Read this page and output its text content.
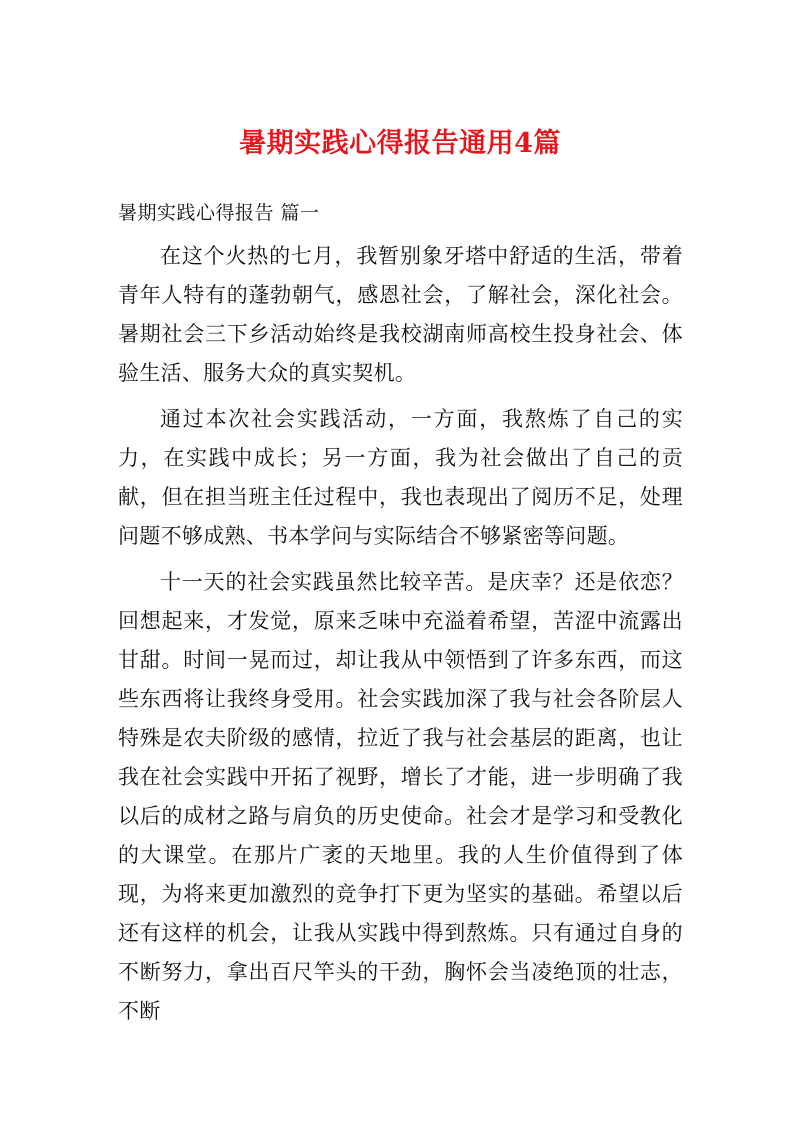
暑期实践心得报告通用4篇
暑期实践心得报告 篇一

在这个火热的七月，我暂别象牙塔中舒适的生活，带着青年人特有的蓬勃朝气，感恩社会，了解社会，深化社会。暑期社会三下乡活动始终是我校湖南师高校生投身社会、体验生活、服务大众的真实契机。

通过本次社会实践活动，一方面，我熬炼了自己的实力，在实践中成长；另一方面，我为社会做出了自己的贡献，但在担当班主任过程中，我也表现出了阅历不足，处理问题不够成熟、书本学问与实际结合不够紧密等问题。

十一天的社会实践虽然比较辛苦。是庆幸？还是依恋？回想起来，才发觉，原来乏味中充溢着希望，苦涩中流露出甘甜。时间一晃而过，却让我从中领悟到了许多东西，而这些东西将让我终身受用。社会实践加深了我与社会各阶层人特殊是农夫阶级的感情，拉近了我与社会基层的距离，也让我在社会实践中开拓了视野，增长了才能，进一步明确了我以后的成材之路与肩负的历史使命。社会才是学习和受教化的大课堂。在那片广袤的天地里。我的人生价值得到了体现，为将来更加激烈的竞争打下更为坚实的基础。希望以后还有这样的机会，让我从实践中得到熬炼。只有通过自身的不断努力，拿出百尺竿头的干劲，胸怀会当凌绝顶的壮志，不断
